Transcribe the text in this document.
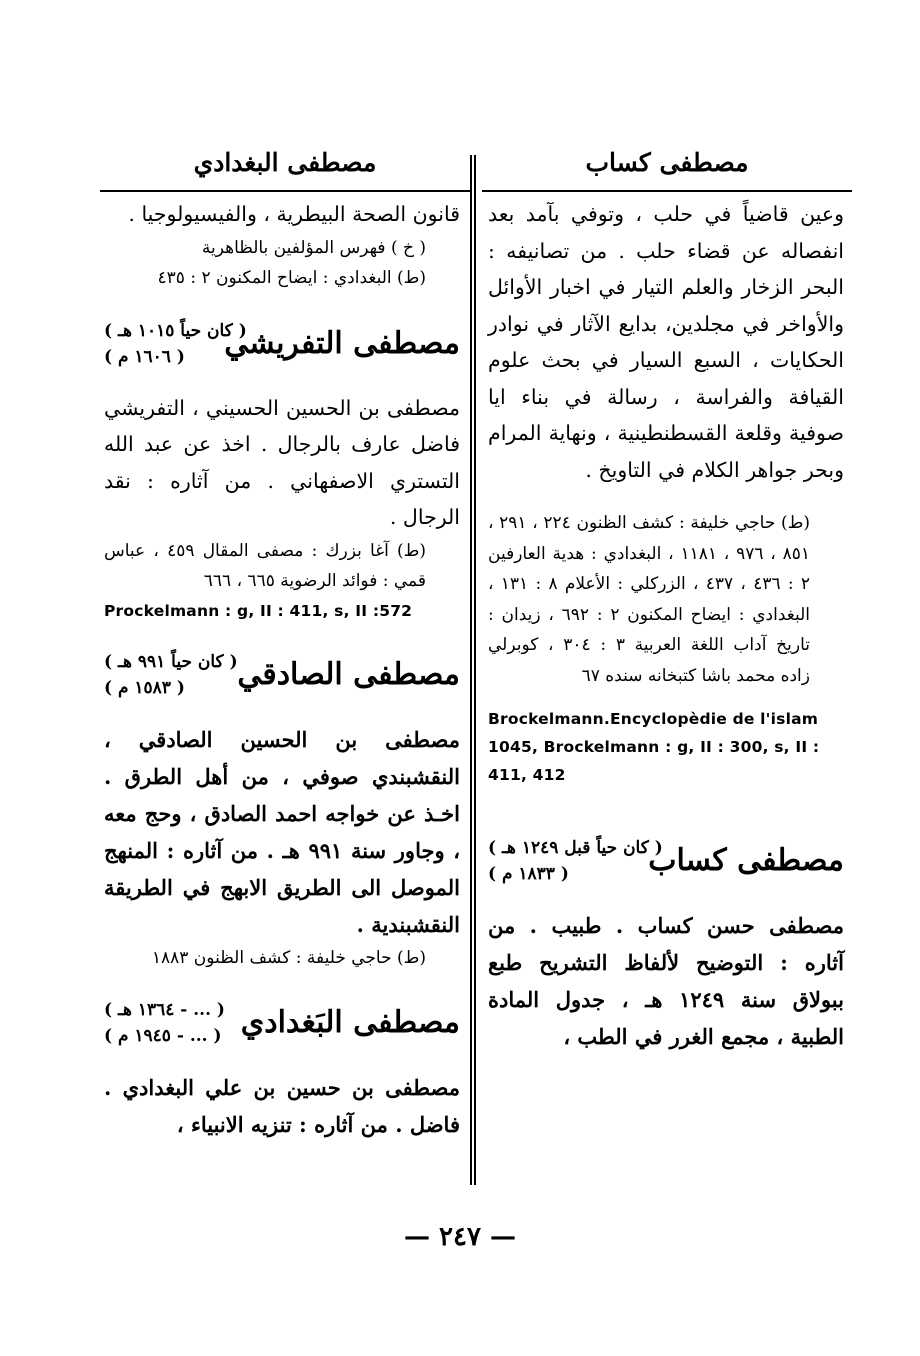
مصطفى كساب
مصطفى البغدادي

وعين قاضياً في حلب ، وتوفي بآمد بعد انفصاله عن قضاء حلب . من تصانيفه : البحر الزخار والعلم التيار في اخبار الأوائل والأواخر في مجلدين، بدايع الآثار في نوادر الحكايات ، السبع السيار في بحث علوم القيافة والفراسة ، رسالة في بناء ايا صوفية وقلعة القسطنطينية ، ونهاية المرام وبحر جواهر الكلام في التاويخ .

(ط) حاجي خليفة : كشف الظنون ٢٢٤ ، ٢٩١ ، ٨٥١ ، ٩٧٦ ، ١١٨١ ، البغدادي : هدية العارفين ٢ : ٤٣٦ ، ٤٣٧ ، الزركلي : الأعلام ٨ : ١٣١ ، البغدادي : ايضاح المكنون ٢ : ٦٩٢ ، زيدان : تاريخ آداب اللغة العربية ٣ : ٣٠٤ ، كوبرلي زاده محمد باشا كتبخانه سنده ٦٧

Brockelmann.Encyclopèdie de l'islam 1045, Brockelmann : g, II : 300, s, II : 411, 412

مصطفى كساب
( كان حياً قبل ١٢٤٩ هـ )
( ١٨٣٣ م )

مصطفى حسن كساب . طبيب . من آثاره : التوضيح لألفاظ التشريح طبع ببولاق سنة ١٢٤٩ هـ ، جدول المادة الطبية ، مجمع الغرر في الطب ،

قانون الصحة البيطرية ، والفيسيولوجيا .

( خ ) فهرس المؤلفين بالظاهرية

(ط) البغدادي : ايضاح المكنون ٢ : ٤٣٥

مصطفى التفريشي
( كان حياً ١٠١٥ هـ )
( ١٦٠٦ م )

مصطفى بن الحسين الحسيني ، التفريشي فاضل عارف بالرجال . اخذ عن عبد الله التستري الاصفهاني . من آثاره : نقد الرجال .

(ط) آغا بزرك : مصفى المقال ٤٥٩ ، عباس قمي : فوائد الرضوية ٦٦٥ ، ٦٦٦

Prockelmann : g, II : 411, s, II :572

مصطفى الصادقي
( كان حياً ٩٩١ هـ )
( ١٥٨٣ م )

مصطفى بن الحسين الصادقي ، النقشبندي صوفي ، من أهل الطرق . اخـذ عن خواجه احمد الصادق ، وحج معه ، وجاور سنة ٩٩١ هـ . من آثاره : المنهج الموصل الى الطريق الابهج في الطريقة النقشبندية .

(ط) حاجي خليفة : كشف الظنون ١٨٨٣

مصطفى البَغدادي
( ... - ١٣٦٤ هـ )
( ... - ١٩٤٥ م )

مصطفى بن حسين بن علي البغدادي . فاضل . من آثاره : تنزيه الانبياء ،

— ٢٤٧ —
